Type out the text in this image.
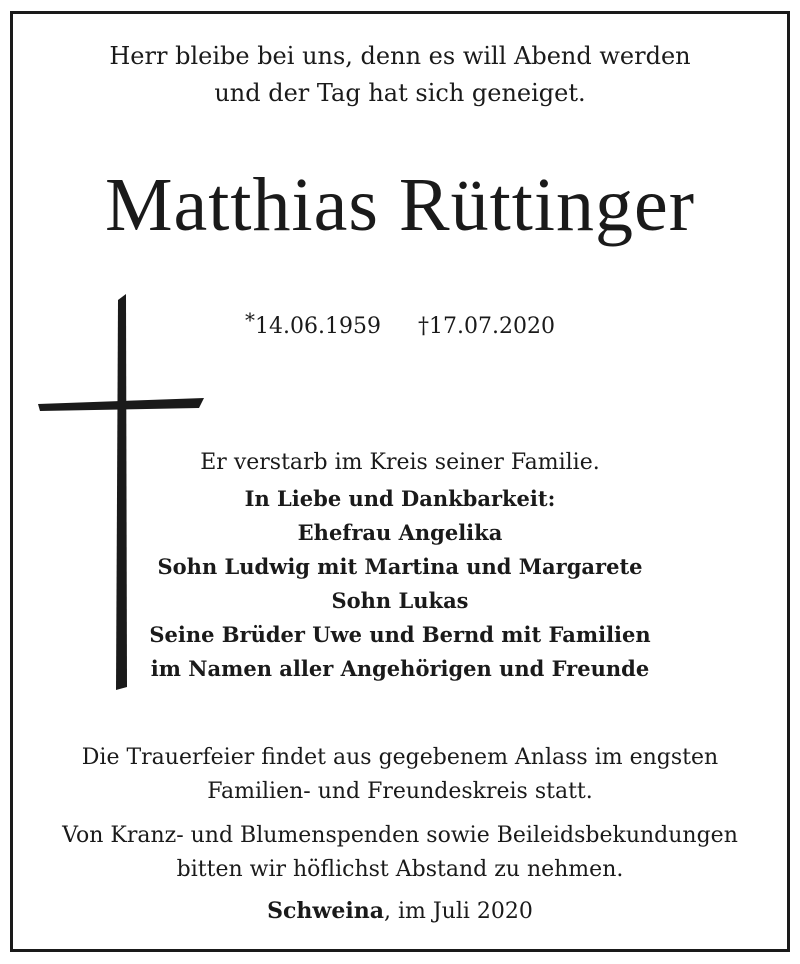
Herr bleibe bei uns, denn es will Abend werden
und der Tag hat sich geneiget.
Matthias Rüttinger
*14.06.1959 †17.07.2020
Er verstarb im Kreis seiner Familie.
In Liebe und Dankbarkeit:
Ehefrau Angelika
Sohn Ludwig mit Martina und Margarete
Sohn Lukas
Seine Brüder Uwe und Bernd mit Familien
im Namen aller Angehörigen und Freunde
Die Trauerfeier findet aus gegebenem Anlass im engsten
Familien- und Freundeskreis statt.
Von Kranz- und Blumenspenden sowie Beileidsbekundungen
bitten wir höflichst Abstand zu nehmen.
Schweina, im Juli 2020
